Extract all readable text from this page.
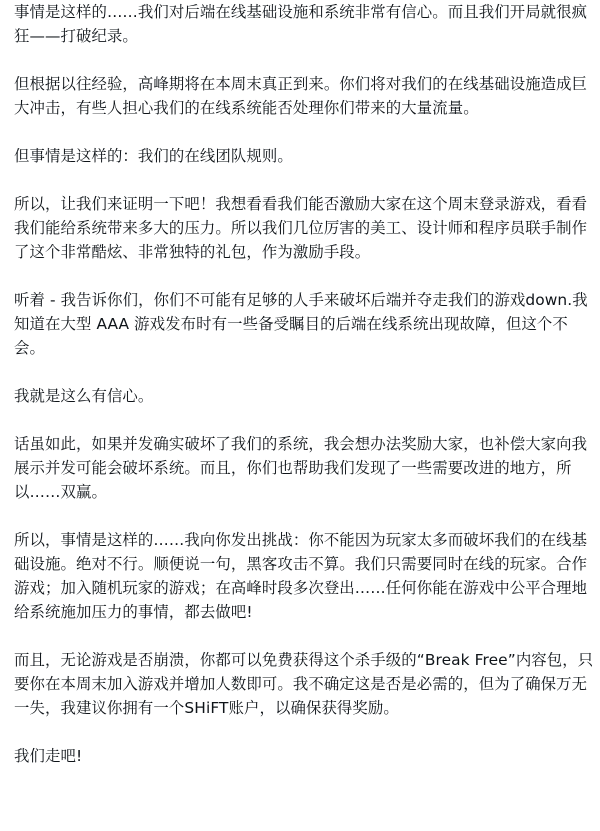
事情是这样的……我们对后端在线基础设施和系统非常有信心。而且我们开局就很疯狂——打破纪录。

但根据以往经验，高峰期将在本周末真正到来。你们将对我们的在线基础设施造成巨大冲击，有些人担心我们的在线系统能否处理你们带来的大量流量。

但事情是这样的：我们的在线团队规则。

所以，让我们来证明一下吧！我想看看我们能否激励大家在这个周末登录游戏，看看我们能给系统带来多大的压力。所以我们几位厉害的美工、设计师和程序员联手制作了这个非常酷炫、非常独特的礼包，作为激励手段。

听着 - 我告诉你们，你们不可能有足够的人手来破坏后端并夺走我们的游戏down.我知道在大型 AAA 游戏发布时有一些备受瞩目的后端在线系统出现故障，但这个不会。

我就是这么有信心。

话虽如此，如果并发确实破坏了我们的系统，我会想办法奖励大家，也补偿大家向我展示并发可能会破坏系统。而且，你们也帮助我们发现了一些需要改进的地方，所以……双赢。

所以，事情是这样的……我向你发出挑战：你不能因为玩家太多而破坏我们的在线基础设施。绝对不行。顺便说一句，黑客攻击不算。我们只需要同时在线的玩家。合作游戏；加入随机玩家的游戏；在高峰时段多次登出……任何你能在游戏中公平合理地给系统施加压力的事情，都去做吧!

而且，无论游戏是否崩溃，你都可以免费获得这个杀手级的“Break Free”内容包，只要你在本周末加入游戏并增加人数即可。我不确定这是否是必需的，但为了确保万无一失，我建议你拥有一个SHiFT账户，以确保获得奖励。

我们走吧!
